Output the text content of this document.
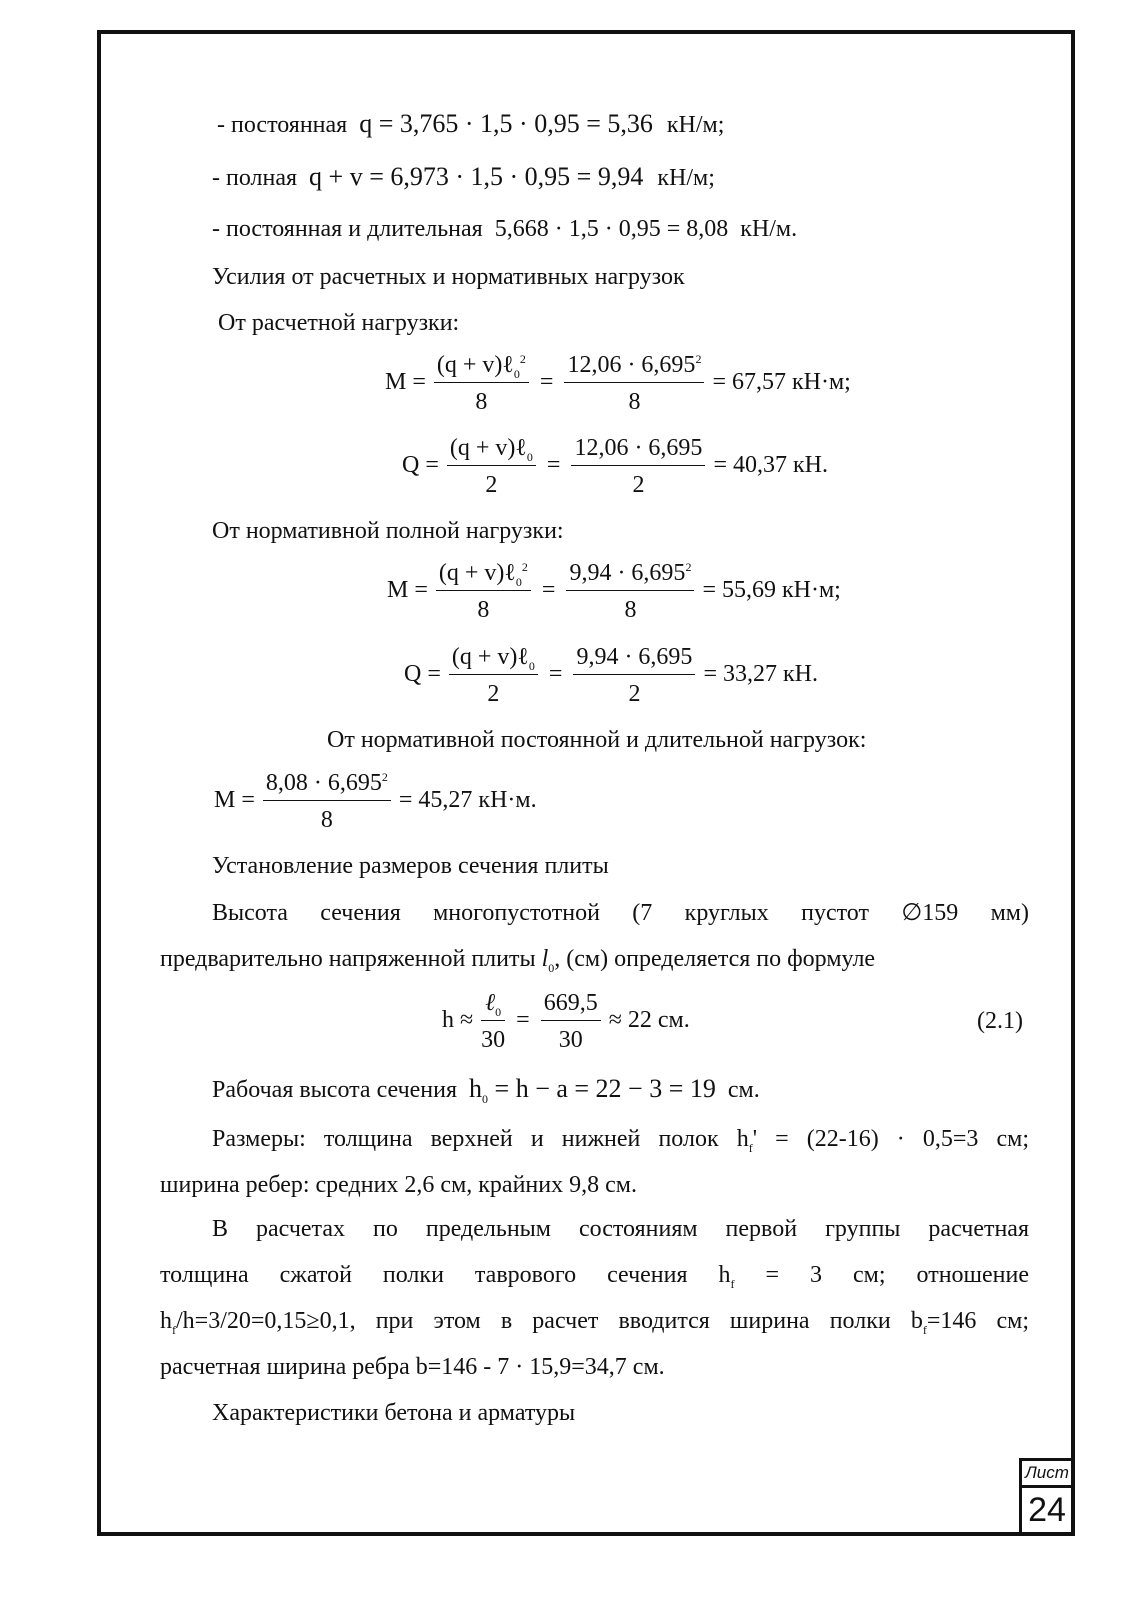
- постоянная q = 3,765 · 1,5 · 0,95 = 5,36 кН/м;
- полная q + v = 6,973 · 1,5 · 0,95 = 9,94 кН/м;
- постоянная и длительная 5,668 · 1,5 · 0,95 = 8,08 кН/м.
Усилия от расчетных и нормативных нагрузок
От расчетной нагрузки:
$M = \frac{(q + v)\ell_0^2}{8} = \frac{12,06 \cdot 6,695^2}{8} = 67,57$ кН·м;
$Q = \frac{(q + v)\ell_0}{2} = \frac{12,06 \cdot 6,695}{2} = 40,37$ кН.
От нормативной полной нагрузки:
$M = \frac{(q + v)\ell_0^2}{8} = \frac{9,94 \cdot 6,695^2}{8} = 55,69$ кН·м;
$Q = \frac{(q + v)\ell_0}{2} = \frac{9,94 \cdot 6,695}{2} = 33,27$ кН.
От нормативной постоянной и длительной нагрузок:
$M = \frac{8,08 \cdot 6,695^2}{8} = 45,27$ кН·м.
Установление размеров сечения плиты
Высота сечения многопустотной (7 круглых пустот ∅159 мм)
предварительно напряженной плиты $l_0$, (см) определяется по формуле
$h \approx \frac{\ell_0}{30} = \frac{669,5}{30} \approx 22$ см.	(2.1)
Рабочая высота сечения $h_0 = h - a = 22 - 3 = 19$ см.
Размеры: толщина верхней и нижней полок $h_f' = (22-16) \cdot 0,5=3$ см;
ширина ребер: средних 2,6 см, крайних 9,8 см.
В расчетах по предельным состояниям первой группы расчетная
толщина сжатой полки таврового сечения $h_f = 3$ см; отношение
$h_f/h=3/20=0,15\ge 0,1$, при этом в расчет вводится ширина полки $b_f=146$ см;
расчетная ширина ребра b=146 - 7 · 15,9=34,7 см.
Характеристики бетона и арматуры
Лист
24
